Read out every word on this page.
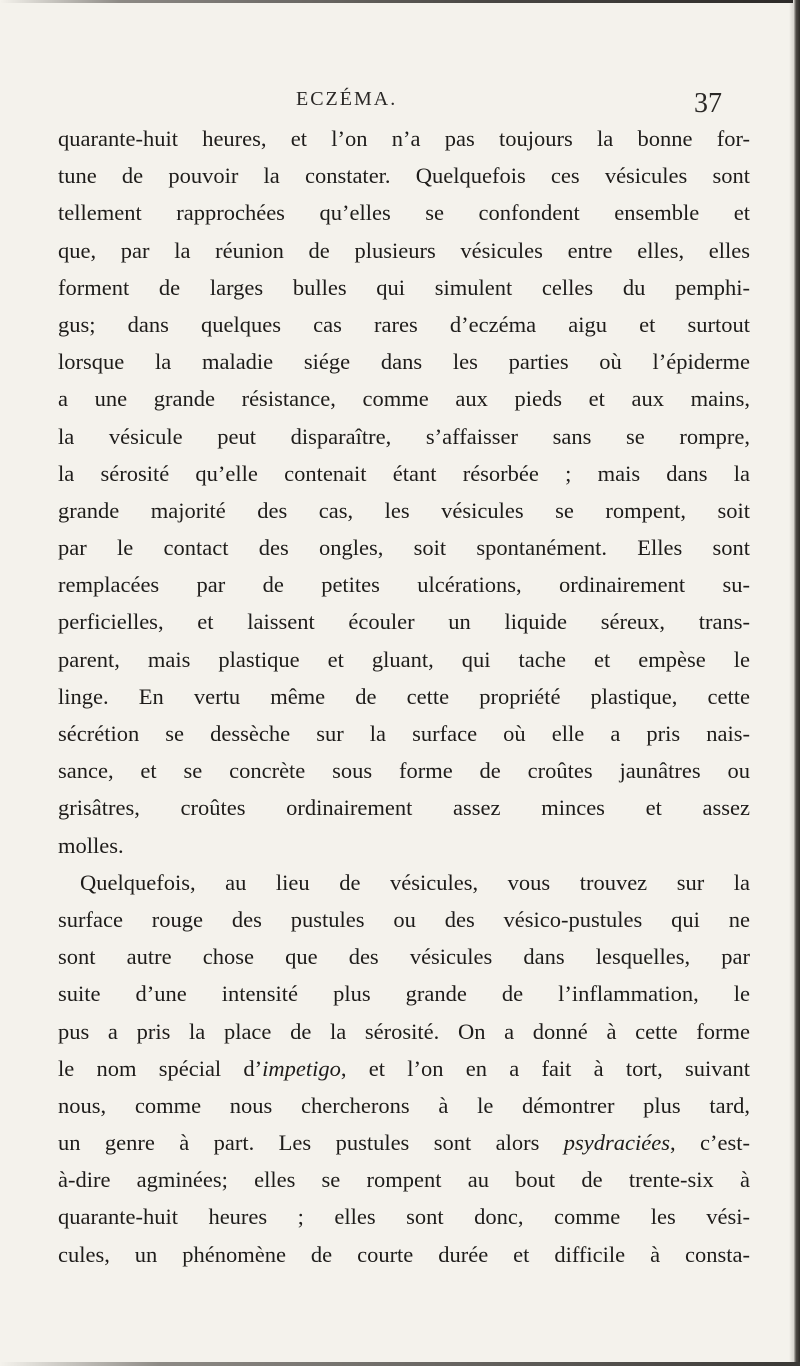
ECZÉMA.	37
quarante-huit heures, et l’on n’a pas toujours la bonne for-
tune de pouvoir la constater. Quelquefois ces vésicules sont
tellement rapprochées qu’elles se confondent ensemble et
que, par la réunion de plusieurs vésicules entre elles, elles
forment de larges bulles qui simulent celles du pemphi-
gus; dans quelques cas rares d’eczéma aigu et surtout
lorsque la maladie siége dans les parties où l’épiderme
a une grande résistance, comme aux pieds et aux mains,
la vésicule peut disparaître, s’affaisser sans se rompre,
la sérosité qu’elle contenait étant résorbée ; mais dans la
grande majorité des cas, les vésicules se rompent, soit
par le contact des ongles, soit spontanément. Elles sont
remplacées par de petites ulcérations, ordinairement su-
perficielles, et laissent écouler un liquide séreux, trans-
parent, mais plastique et gluant, qui tache et empèse le
linge. En vertu même de cette propriété plastique, cette
sécrétion se dessèche sur la surface où elle a pris nais-
sance, et se concrète sous forme de croûtes jaunâtres ou
grisâtres, croûtes ordinairement assez minces et assez
molles.
Quelquefois, au lieu de vésicules, vous trouvez sur la
surface rouge des pustules ou des vésico-pustules qui ne
sont autre chose que des vésicules dans lesquelles, par
suite d’une intensité plus grande de l’inflammation, le
pus a pris la place de la sérosité. On a donné à cette forme
le nom spécial d’impetigo, et l’on en a fait à tort, suivant
nous, comme nous chercherons à le démontrer plus tard,
un genre à part. Les pustules sont alors psydraciées, c’est-
à-dire agminées; elles se rompent au bout de trente-six à
quarante-huit heures ; elles sont donc, comme les vési-
cules, un phénomène de courte durée et difficile à consta-
